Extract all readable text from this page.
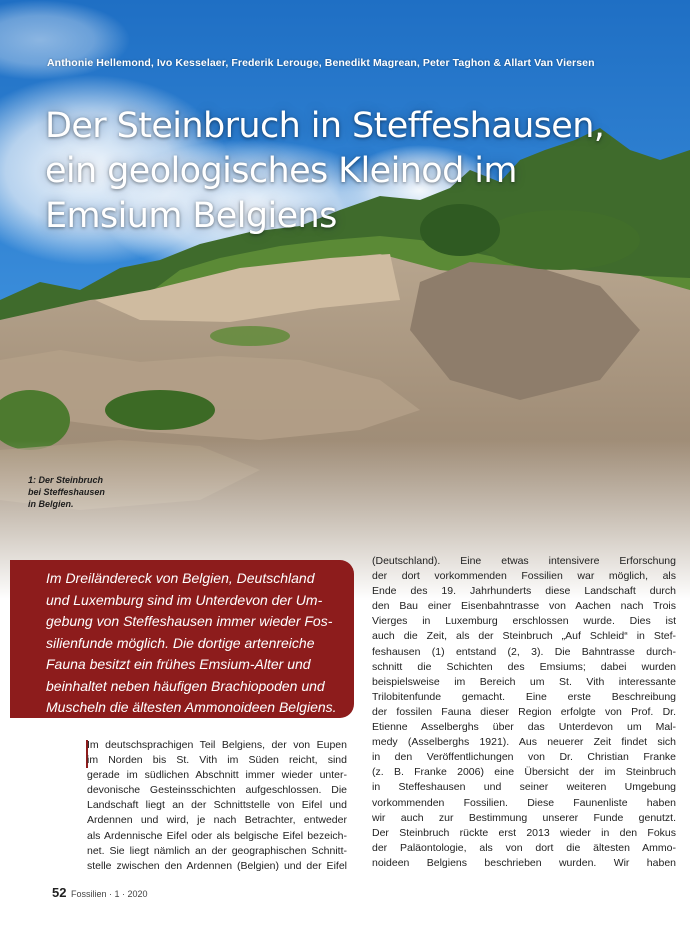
Anthonie Hellemond, Ivo Kesselaer, Frederik Lerouge, Benedikt Magrean, Peter Taghon & Allart Van Viersen
Der Steinbruch in Steffeshausen,
ein geologisches Kleinod im
Emsium Belgiens
1: Der Steinbruch
bei Steffeshausen
in Belgien.
Im Dreiländereck von Belgien, Deutschland
und Luxemburg sind im Unterdevon der Um-
gebung von Steffeshausen immer wieder Fos-
silienfunde möglich. Die dortige artenreiche
Fauna besitzt ein frühes Emsium-Alter und
beinhaltet neben häufigen Brachiopoden und
Muscheln die ältesten Ammonoideen Belgiens.
Im deutschsprachigen Teil Belgiens, der von Eupen
im Norden bis St. Vith im Süden reicht, sind
gerade im südlichen Abschnitt immer wieder unter-
devonische Gesteinsschichten aufgeschlossen. Die
Landschaft liegt an der Schnittstelle von Eifel und
Ardennen und wird, je nach Betrachter, entweder
als Ardennische Eifel oder als belgische Eifel bezeich-
net. Sie liegt nämlich an der geographischen Schnitt-
stelle zwischen den Ardennen (Belgien) und der Eifel
(Deutschland). Eine etwas intensivere Erforschung
der dort vorkommenden Fossilien war möglich, als
Ende des 19. Jahrhunderts diese Landschaft durch
den Bau einer Eisenbahntrasse von Aachen nach Trois
Vierges in Luxemburg erschlossen wurde. Dies ist
auch die Zeit, als der Steinbruch „Auf Schleid“ in Stef-
feshausen (1) entstand (2, 3). Die Bahntrasse durch-
schnitt die Schichten des Emsiums; dabei wurden
beispielsweise im Bereich um St. Vith interessante
Trilobitenfunde gemacht. Eine erste Beschreibung
der fossilen Fauna dieser Region erfolgte von Prof. Dr.
Etienne Asselberghs über das Unterdevon um Mal-
medy (Asselberghs 1921). Aus neuerer Zeit findet sich
in den Veröffentlichungen von Dr. Christian Franke
(z. B. Franke 2006) eine Übersicht der im Steinbruch
in Steffeshausen und seiner weiteren Umgebung
vorkommenden Fossilien. Diese Faunenliste haben
wir auch zur Bestimmung unserer Funde genutzt.
Der Steinbruch rückte erst 2013 wieder in den Fokus
der Paläontologie, als von dort die ältesten Ammo-
noideen Belgiens beschrieben wurden. Wir haben
52 Fossilien · 1 · 2020
